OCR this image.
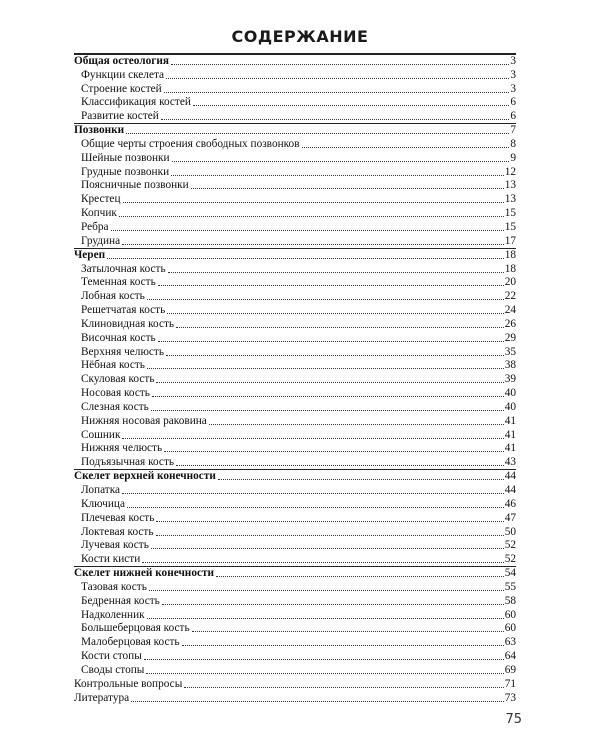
СОДЕРЖАНИЕ
Общая остеология	3
Функции скелета	3
Строение костей	3
Классификация костей	6
Развитие костей	6
Позвонки	7
Общие черты строения свободных позвонков	8
Шейные позвонки	9
Грудные позвонки	12
Поясничные позвонки	13
Крестец	13
Копчик	15
Ребра	15
Грудина	17
Череп	18
Затылочная кость	18
Теменная кость	20
Лобная кость	22
Решетчатая кость	24
Клиновидная кость	26
Височная кость	29
Верхняя челюсть	35
Нёбная кость	38
Скуловая кость	39
Носовая кость	40
Слезная кость	40
Нижняя носовая раковина	41
Сошник	41
Нижняя челюсть	41
Подъязычная кость	43
Скелет верхней конечности	44
Лопатка	44
Ключица	46
Плечевая кость	47
Локтевая кость	50
Лучевая кость	52
Кости кисти	52
Скелет нижней конечности	54
Тазовая кость	55
Бедренная кость	58
Надколенник	60
Большеберцовая кость	60
Малоберцовая кость	63
Кости стопы	64
Своды стопы	69
Контрольные вопросы	71
Литература	73
75
